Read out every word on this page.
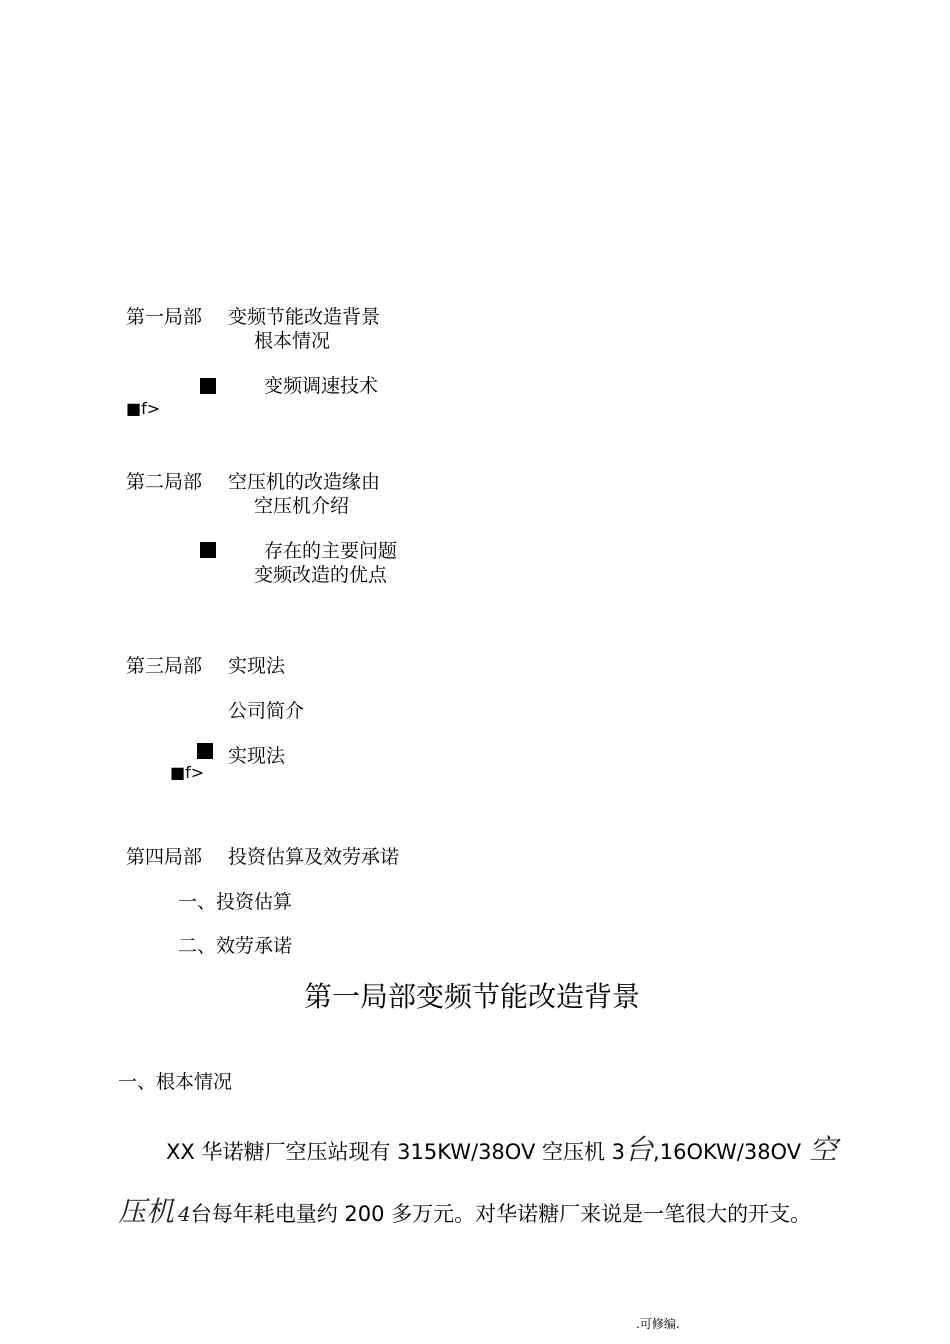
第一局部 变频节能改造背景
根本情况
变频调速技术
■f>
第二局部 空压机的改造缘由
空压机介绍
存在的主要问题
变频改造的优点
第三局部 实现法
公司简介
实现法
■f>
第四局部 投资估算及效劳承诺
一、投资估算
二、效劳承诺
第一局部变频节能改造背景
一、根本情况
XX 华诺糖厂空压站现有 315KW/38OV 空压机 3台,16OKW/38OV 空
压机 4台每年耗电量约 200 多万元。对华诺糖厂来说是一笔很大的开支。
.可修编.
